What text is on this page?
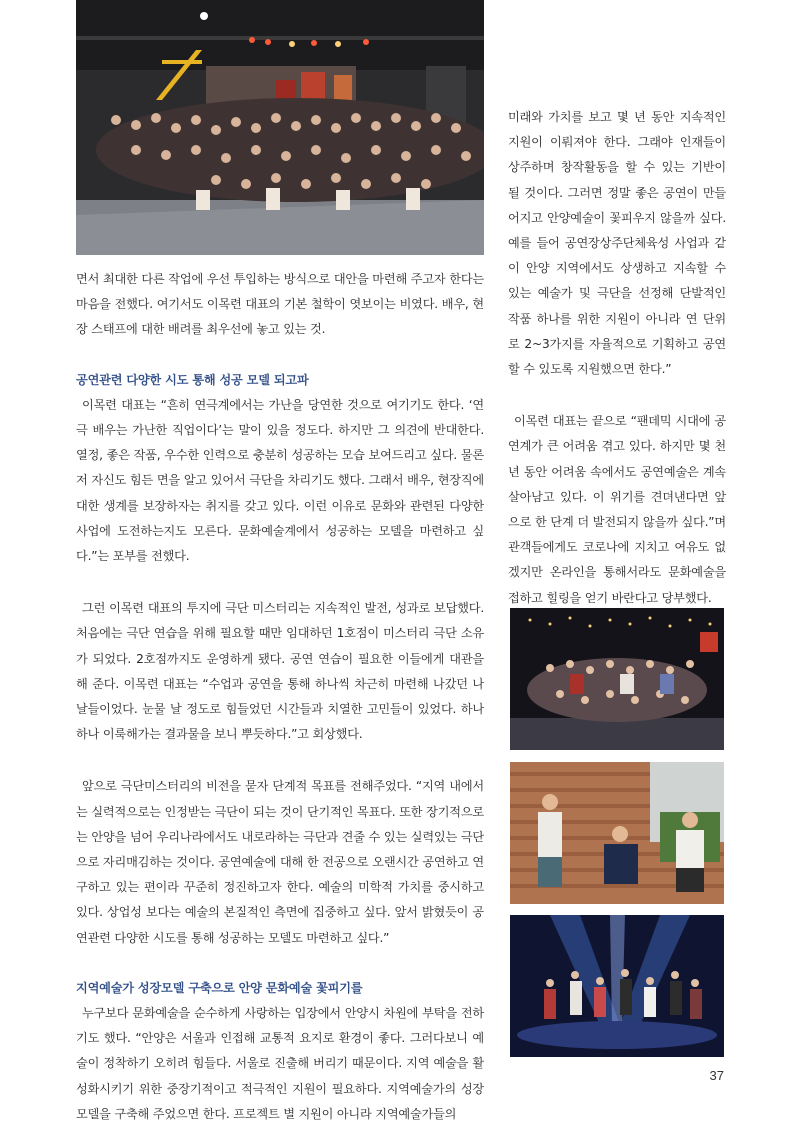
면서 최대한 다른 작업에 우선 투입하는 방식으로 대안을 마련해 주고자 한다는 마음을 전했다. 여기서도 이목련 대표의 기본 철학이 엿보이는 비였다. 배우, 현장 스태프에 대한 배려를 최우선에 놓고 있는 것.

공연관련 다양한 시도 통해 성공 모델 되고파

이목련 대표는 “흔히 연극계에서는 가난을 당연한 것으로 여기기도 한다. ‘연극 배우는 가난한 직업이다’는 말이 있을 정도다. 하지만 그 의견에 반대한다. 열정, 좋은 작품, 우수한 인력으로 충분히 성공하는 모습 보여드리고 싶다. 물론 저 자신도 힘든 면을 알고 있어서 극단을 차리기도 했다. 그래서 배우, 현장직에 대한 생계를 보장하자는 취지를 갖고 있다. 이런 이유로 문화와 관련된 다양한 사업에 도전하는지도 모른다. 문화예술계에서 성공하는 모델을 마련하고 싶다.”는 포부를 전했다.

그런 이목련 대표의 투지에 극단 미스터리는 지속적인 발전, 성과로 보답했다. 처음에는 극단 연습을 위해 필요할 때만 임대하던 1호점이 미스터리 극단 소유가 되었다. 2호점까지도 운영하게 됐다. 공연 연습이 필요한 이들에게 대관을 해 준다. 이목련 대표는 “수업과 공연을 통해 하나씩 차근히 마련해 나갔던 나날들이었다. 눈물 날 정도로 힘들었던 시간들과 치열한 고민들이 있었다. 하나하나 이룩해가는 결과물을 보니 뿌듯하다.”고 회상했다.

앞으로 극단미스터리의 비전을 묻자 단계적 목표를 전해주었다. “지역 내에서는 실력적으로는 인정받는 극단이 되는 것이 단기적인 목표다. 또한 장기적으로는 안양을 넘어 우리나라에서도 내로라하는 극단과 견줄 수 있는 실력있는 극단으로 자리매김하는 것이다. 공연예술에 대해 한 전공으로 오랜시간 공연하고 연구하고 있는 편이라 꾸준히 정진하고자 한다. 예술의 미학적 가치를 중시하고 있다. 상업성 보다는 예술의 본질적인 측면에 집중하고 싶다. 앞서 밝혔듯이 공연관련 다양한 시도를 통해 성공하는 모델도 마련하고 싶다.”

지역예술가 성장모델 구축으로 안양 문화예술 꽃피기를

누구보다 문화예술을 순수하게 사랑하는 입장에서 안양시 차원에 부탁을 전하기도 했다. “안양은 서울과 인접해 교통적 요지로 환경이 좋다. 그러다보니 예술이 정착하기 오히려 힘들다. 서울로 진출해 버리기 때문이다. 지역 예술을 활성화시키기 위한 중장기적이고 적극적인 지원이 필요하다. 지역예술가의 성장모델을 구축해 주었으면 한다. 프로젝트 별 지원이 아니라 지역예술가들의

미래와 가치를 보고 몇 년 동안 지속적인 지원이 이뤄져야 한다. 그래야 인재들이 상주하며 창작활동을 할 수 있는 기반이 될 것이다. 그러면 정말 좋은 공연이 만들어지고 안양예술이 꽃피우지 않을까 싶다. 예를 들어 공연장상주단체육성 사업과 같이 안양 지역에서도 상생하고 지속할 수 있는 예술가 및 극단을 선정해 단발적인 작품 하나를 위한 지원이 아니라 연 단위로 2~3가지를 자율적으로 기획하고 공연할 수 있도록 지원했으면 한다.”

이목련 대표는 끝으로 “팬데믹 시대에 공연계가 큰 어려움 겪고 있다. 하지만 몇 천 년 동안 어려움 속에서도 공연예술은 계속 살아남고 있다. 이 위기를 견뎌낸다면 앞으로 한 단계 더 발전되지 않을까 싶다.”며 관객들에게도 코로나에 지치고 여유도 없겠지만 온라인을 통해서라도 문화예술을 접하고 힐링을 얻기 바란다고 당부했다.

37
